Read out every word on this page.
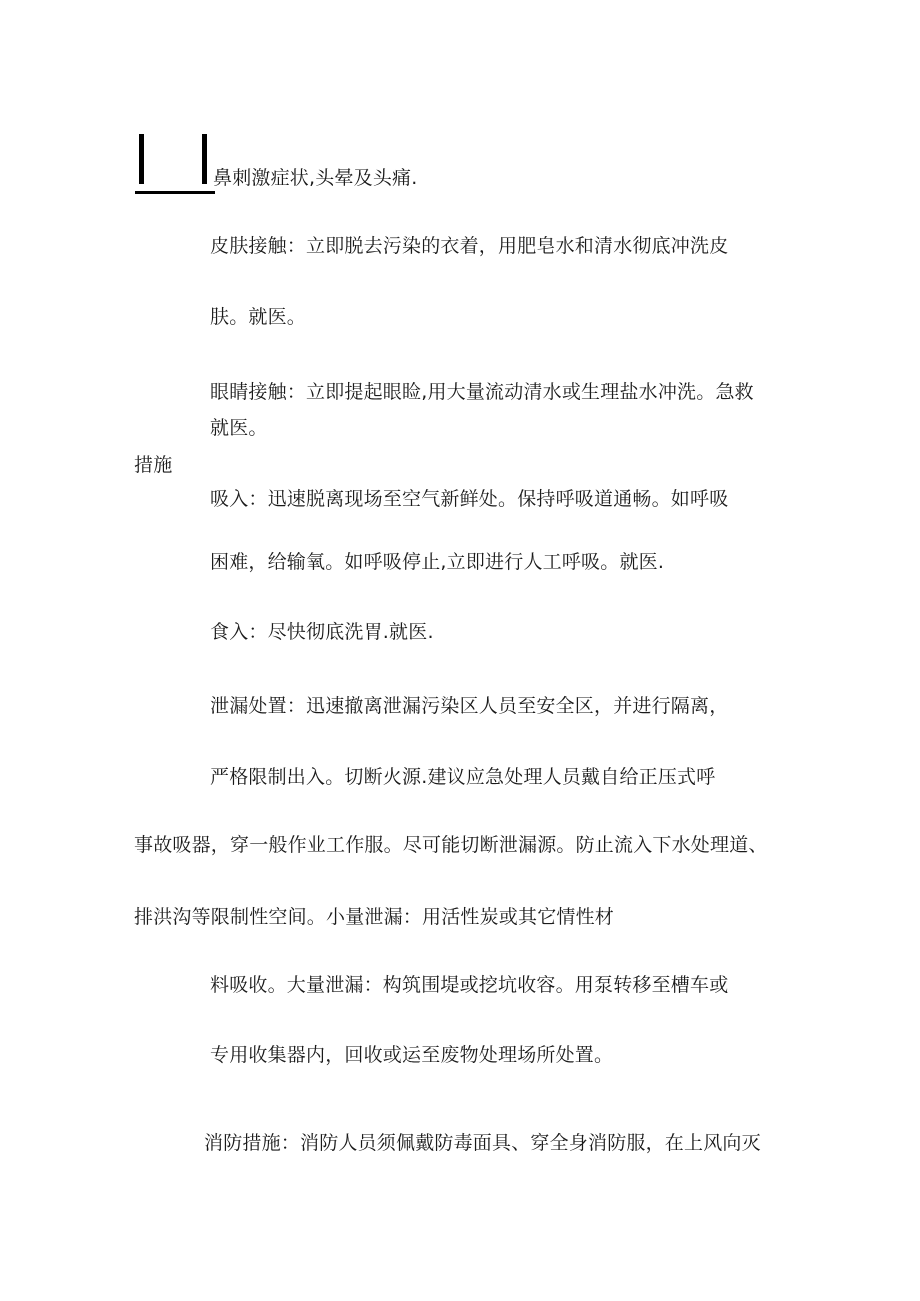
鼻刺激症状,头晕及头痛.
皮肤接触：立即脱去污染的衣着，用肥皂水和清水彻底冲洗皮
肤。就医。
眼睛接触：立即提起眼睑,用大量流动清水或生理盐水冲洗。急救
就医。
措施
吸入：迅速脱离现场至空气新鲜处。保持呼吸道通畅。如呼吸
困难，给输氧。如呼吸停止,立即进行人工呼吸。就医.
食入：尽快彻底洗胃.就医.
泄漏处置：迅速撤离泄漏污染区人员至安全区，并进行隔离，
严格限制出入。切断火源.建议应急处理人员戴自给正压式呼
事故吸器，穿一般作业工作服。尽可能切断泄漏源。防止流入下水处理道、
排洪沟等限制性空间。小量泄漏：用活性炭或其它情性材
料吸收。大量泄漏：构筑围堤或挖坑收容。用泵转移至槽车或
专用收集器内，回收或运至废物处理场所处置。
消防措施：消防人员须佩戴防毒面具、穿全身消防服，在上风向灭
